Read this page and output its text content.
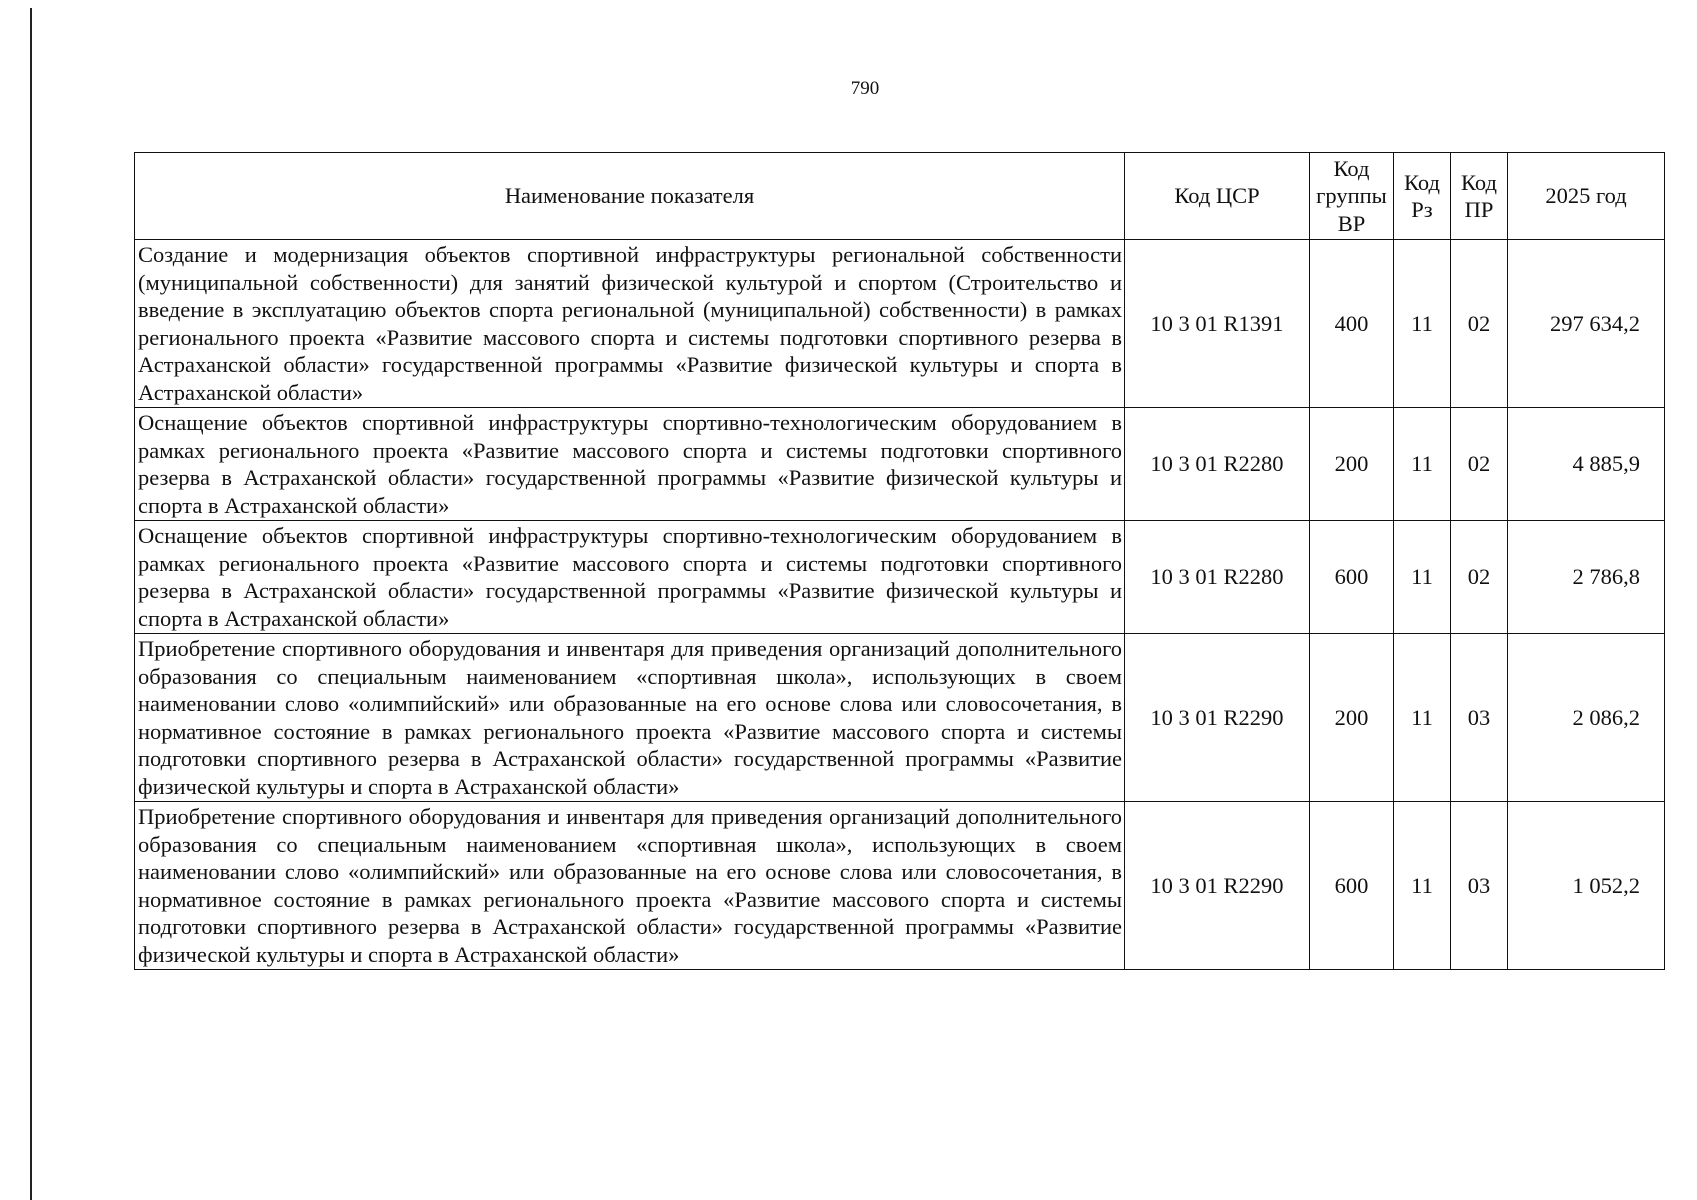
790
Наименование показателя	Код ЦСР	Код группы ВР	Код Рз	Код ПР	2025 год
Создание и модернизация объектов спортивной инфраструктуры региональной собственности (муниципальной собственности) для занятий физической культурой и спортом (Строительство и введение в эксплуатацию объектов спорта региональной (муниципальной) собственности) в рамках регионального проекта «Развитие массового спорта и системы подготовки спортивного резерва в Астраханской области» государственной программы «Развитие физической культуры и спорта в Астраханской области»	10 3 01 R1391	400	11	02	297 634,2
Оснащение объектов спортивной инфраструктуры спортивно-технологическим оборудованием в рамках регионального проекта «Развитие массового спорта и системы подготовки спортивного резерва в Астраханской области» государственной программы «Развитие физической культуры и спорта в Астраханской области»	10 3 01 R2280	200	11	02	4 885,9
Оснащение объектов спортивной инфраструктуры спортивно-технологическим оборудованием в рамках регионального проекта «Развитие массового спорта и системы подготовки спортивного резерва в Астраханской области» государственной программы «Развитие физической культуры и спорта в Астраханской области»	10 3 01 R2280	600	11	02	2 786,8
Приобретение спортивного оборудования и инвентаря для приведения организаций дополнительного образования со специальным наименованием «спортивная школа», использующих в своем наименовании слово «олимпийский» или образованные на его основе слова или словосочетания, в нормативное состояние в рамках регионального проекта «Развитие массового спорта и системы подготовки спортивного резерва в Астраханской области» государственной программы «Развитие физической культуры и спорта в Астраханской области»	10 3 01 R2290	200	11	03	2 086,2
Приобретение спортивного оборудования и инвентаря для приведения организаций дополнительного образования со специальным наименованием «спортивная школа», использующих в своем наименовании слово «олимпийский» или образованные на его основе слова или словосочетания, в нормативное состояние в рамках регионального проекта «Развитие массового спорта и системы подготовки спортивного резерва в Астраханской области» государственной программы «Развитие физической культуры и спорта в Астраханской области»	10 3 01 R2290	600	11	03	1 052,2
